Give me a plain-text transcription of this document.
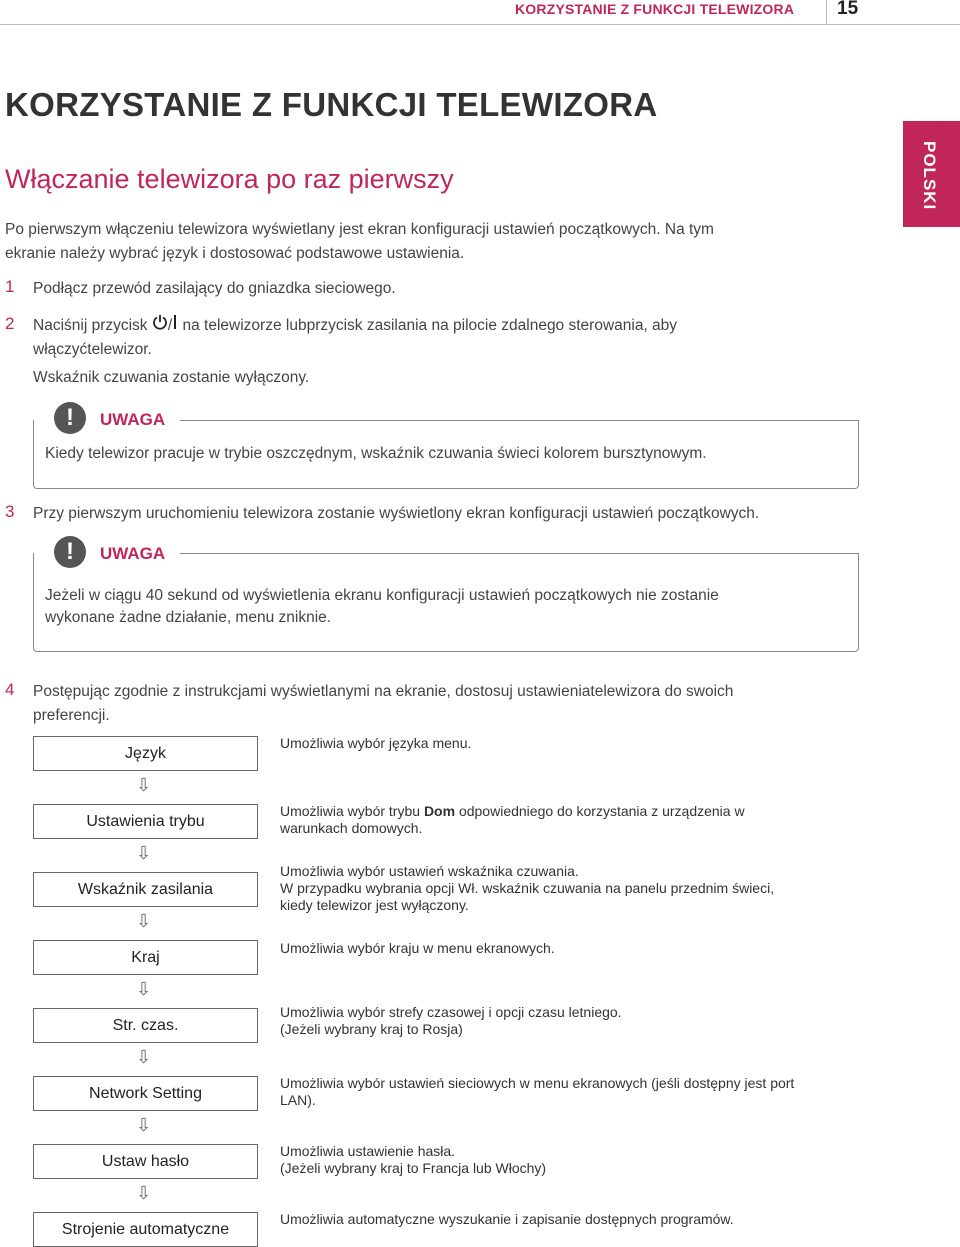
KORZYSTANIE Z FUNKCJI TELEWIZORA 15
POLSKI
KORZYSTANIE Z FUNKCJI TELEWIZORA
Włączanie telewizora po raz pierwszy
Po pierwszym włączeniu telewizora wyświetlany jest ekran konfiguracji ustawień początkowych. Na tym
ekranie należy wybrać język i dostosować podstawowe ustawienia.
1 Podłącz przewód zasilający do gniazdka sieciowego.
2 Naciśnij przycisk / na telewizorze lubprzycisk zasilania na pilocie zdalnego sterowania, aby
włączyćtelewizor.
Wskaźnik czuwania zostanie wyłączony.
!	UWAGA
Kiedy telewizor pracuje w trybie oszczędnym, wskaźnik czuwania świeci kolorem bursztynowym.
3 Przy pierwszym uruchomieniu telewizora zostanie wyświetlony ekran konfiguracji ustawień początkowych.
!	UWAGA
Jeżeli w ciągu 40 sekund od wyświetlenia ekranu konfiguracji ustawień początkowych nie zostanie
wykonane żadne działanie, menu zniknie.
4 Postępując zgodnie z instrukcjami wyświetlanymi na ekranie, dostosuj ustawieniatelewizora do swoich
preferencji.
Język
⇩
Ustawienia trybu
⇩
Wskaźnik zasilania
⇩
Kraj
⇩
Str. czas.
⇩
Network Setting
⇩
Ustaw hasło
⇩
Strojenie automatyczne
Umożliwia wybór języka menu.
Umożliwia wybór trybu Dom odpowiedniego do korzystania z urządzenia w
warunkach domowych.
Umożliwia wybór ustawień wskaźnika czuwania.
W przypadku wybrania opcji Wł. wskaźnik czuwania na panelu przednim świeci,
kiedy telewizor jest wyłączony.
Umożliwia wybór kraju w menu ekranowych.
Umożliwia wybór strefy czasowej i opcji czasu letniego.
(Jeżeli wybrany kraj to Rosja)
Umożliwia wybór ustawień sieciowych w menu ekranowych (jeśli dostępny jest port
LAN).
Umożliwia ustawienie hasła.
(Jeżeli wybrany kraj to Francja lub Włochy)
Umożliwia automatyczne wyszukanie i zapisanie dostępnych programów.
